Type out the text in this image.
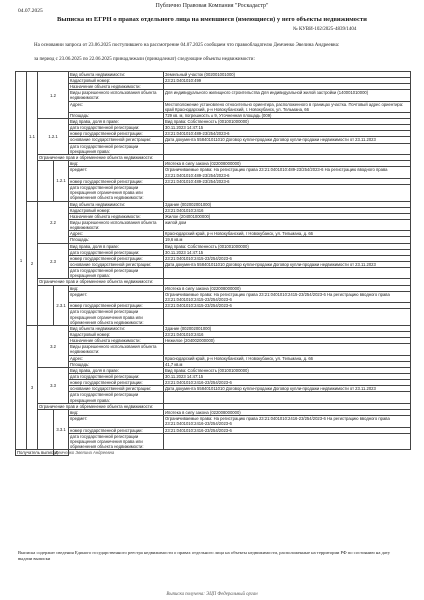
Публично Правовая Компания "Роскадастр"
04.07.2025
Выписка из ЕГРН о правах отдельного лица на имевшиеся (имеющиеся) у него объекты недвижимости
№ КУВИ-102/2025-4839/1404
На основании запроса от 23.06.2025 поступившего на рассмотрение 04.07.2025 сообщаем что правообладателю Демченко Эвелина Андреевна:
за период с 23.06.2025 по 22.06.2025 принадлежали (принадлежат) следующие объекты недвижимости:
1	1.1	1.2		Вид объекта недвижимости:	Земельный участок (002001001000)
				Кадастровый номер:	23:21:0401010:499
				Назначение объекта недвижимости:	
				Виды разрешенного использования объекта недвижимости:	Для индивидуального жилищного строительства Для индивидуальной жилой застройки (140001010000)
				Адрес:	Местоположение установлено относительно ориентира, расположенного в границах участка. Почтовый адрес ориентира: край Краснодарский, р-н Новокубанский, г. Новокубанск, ул. Тельмана, 66
				Площадь:	729 кв. м, погрешность ± 9, Уточненная площадь (009)
		1.2.1		Вид права, доля в праве:	Вид права: Собственность (001001000000)
				дата государственной регистрации:	30.11.2023 14:47:15
				номер государственной регистрации:	23:21:0401010:489-23/254/2023-6
				основание государственной регистрации:	Дата документа 558401011010 Договор купли-продажи Договор купли-продажи недвижимости от 23.11.2023
				дата государственной регистрации прекращения права:	
		Ограничение прав и обременение объекта недвижимости:			
			1.2.1	вид:	Ипотека в силу закона (022008000000)
				предмет:	Ограничиваемые права: На регистрацию права 23:21:0401010:489-23/254/2023-6 На регистрацию вводного права 23:21:0401010:489-23/254/2023-6
				номер государственной регистрации:	23:21:0401010:489-23/254/2023-6
				дата государственной регистрации прекращения ограничения права или обременения объекта недвижимости:	
	2	2.2		Вид объекта недвижимости:	Здание (002002001000)
				Кадастровый номер:	23:21:0401010:2416
				Назначение объекта недвижимости:	Жилое (204001000000)
				Виды разрешенного использования объекта недвижимости:	жилой дом
				Адрес:	Краснодарский край, р-н Новокубанский, г Новокубанск, ул. Тельмана, д. 66
				Площадь:	19,6 кв.м
		2.3		Вид права, доля в праве:	Вид права: Собственность (001001000000)
				дата государственной регистрации:	30.11.2023 14:47:15
				номер государственной регистрации:	23:21:0401010:2415-23/254/2023-6
				основание государственной регистрации:	Дата документа 558401011010 Договор купли-продажи Договор купли-продажи недвижимости от 23.11.2023
				дата государственной регистрации прекращения права:	
		Ограничение прав и обременение объекта недвижимости:			
			2.3.1	вид:	Ипотека в силу закона (022008000000)
				предмет:	Ограничиваемые права: На регистрацию права 23:21:0401010:2415-23/254/2023-6 На регистрацию вводного права 23:21:0401010:2415-23/254/2023-6
				номер государственной регистрации:	23:21:0401010:2415-23/254/2023-6
				дата государственной регистрации прекращения ограничения права или обременения объекта недвижимости:	
	3	3.2		Вид объекта недвижимости:	Здание (002002001000)
				Кадастровый номер:	23:21:0401010:2416
				Назначение объекта недвижимости:	Нежилое (204002000000)
				Виды разрешенного использования объекта недвижимости:	
				Адрес:	Краснодарский край, р-н Новокубанский, г Новокубанск, ул. Тельмана, д. 66
				Площадь:	41,7 кв.м
		3.3		Вид права, доля в праве:	Вид права: Собственность (001001000000)
				дата государственной регистрации:	30.11.2023 14:47:15
				номер государственной регистрации:	23:21:0401010:2416-23/254/2023-6
				основание государственной регистрации:	Дата документа 558401011010 Договор купли-продажи Договор купли-продажи недвижимости от 23.11.2023
				дата государственной регистрации прекращения права:	
		Ограничение прав и обременение объекта недвижимости:			
			3.3.1	вид:	Ипотека в силу закона (022008000000)
				предмет:	Ограничиваемые права: На регистрацию права 23:21:0401010:2416-23/254/2023-6 На регистрацию вводного права 23:21:0401010:2416-23/254/2023-6
				номер государственной регистрации:	23:21:0401010:2416-23/254/2023-6
				дата государственной регистрации прекращения ограничения права или обременения объекта недвижимости:	
Получатель выписки:			Демченко Эвелина Андреевна		
Выписка содержит сведения Единого государственного реестра недвижимости о правах отдельного лица на объекты недвижимости, расположенные на территории РФ по состоянию на дату выдачи выписки
Выписка получена: ЭЦП Федеральный орган
